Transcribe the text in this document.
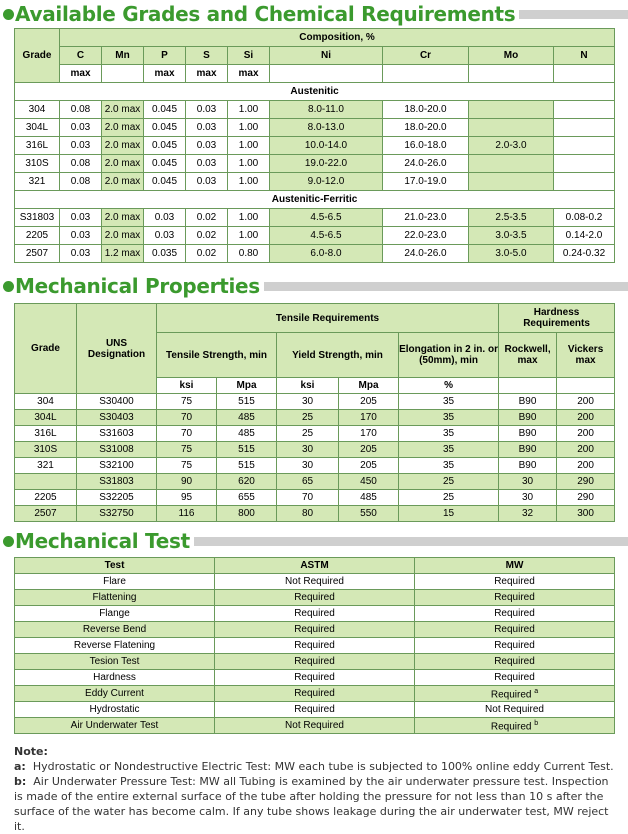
Available Grades and Chemical Requirements
Grade	Composition, %								
	C	Mn	P	S	Si	Ni	Cr	Mo	N
	max		max	max	max				
Austenitic									
304	0.08	2.0 max	0.045	0.03	1.00	8.0-11.0	18.0-20.0		
304L	0.03	2.0 max	0.045	0.03	1.00	8.0-13.0	18.0-20.0		
316L	0.03	2.0 max	0.045	0.03	1.00	10.0-14.0	16.0-18.0	2.0-3.0	
310S	0.08	2.0 max	0.045	0.03	1.00	19.0-22.0	24.0-26.0		
321	0.08	2.0 max	0.045	0.03	1.00	9.0-12.0	17.0-19.0		
Austenitic-Ferritic									
S31803	0.03	2.0 max	0.03	0.02	1.00	4.5-6.5	21.0-23.0	2.5-3.5	0.08-0.2
2205	0.03	2.0 max	0.03	0.02	1.00	4.5-6.5	22.0-23.0	3.0-3.5	0.14-2.0
2507	0.03	1.2 max	0.035	0.02	0.80	6.0-8.0	24.0-26.0	3.0-5.0	0.24-0.32
Mechanical Properties
Grade	UNS Designation	Tensile Requirements					Hardness Requirements	
		Tensile Strength, min		Yield Strength, min		Elongation in 2 in. or (50mm), min	Rockwell, max	Vickers max
		ksi	Mpa	ksi	Mpa	%		
304	S30400	75	515	30	205	35	B90	200
304L	S30403	70	485	25	170	35	B90	200
316L	S31603	70	485	25	170	35	B90	200
310S	S31008	75	515	30	205	35	B90	200
321	S32100	75	515	30	205	35	B90	200
	S31803	90	620	65	450	25	30	290
2205	S32205	95	655	70	485	25	30	290
2507	S32750	116	800	80	550	15	32	300
Mechanical Test
Test	ASTM	MW
Flare	Not Required	Required
Flattening	Required	Required
Flange	Required	Required
Reverse Bend	Required	Required
Reverse Flatening	Required	Required
Tesion Test	Required	Required
Hardness	Required	Required
Eddy Current	Required	Required $^a$
Hydrostatic	Required	Not Required
Air Underwater Test	Not Required	Required $^b$
Note:
a: Hydrostatic or Nondestructive Electric Test: MW each tube is subjected to 100% online eddy Current Test.
b: Air Underwater Pressure Test: MW all Tubing is examined by the air underwater pressure test. Inspection is made of the entire external surface of the tube after holding the pressure for not less than 10 s after the surface of the water has become calm. If any tube shows leakage during the air underwater test, MW reject it.
